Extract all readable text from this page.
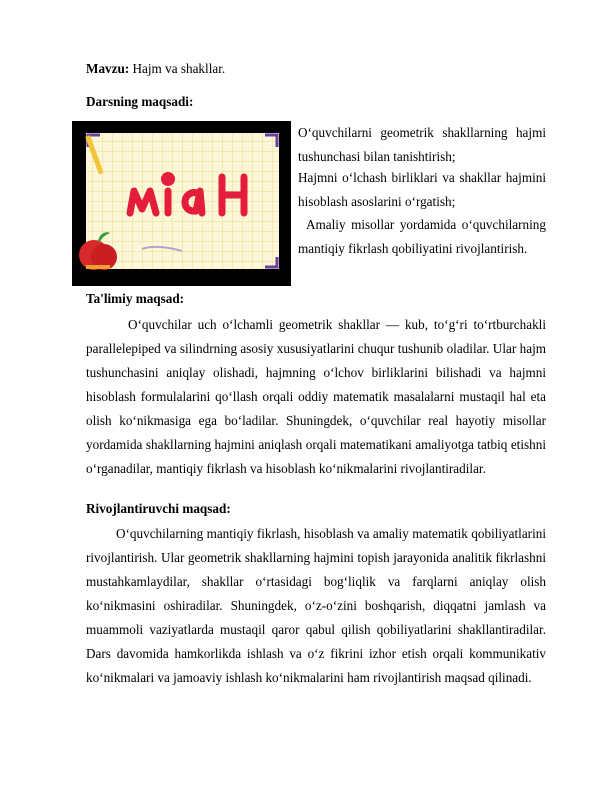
Mavzu: Hajm va shakllar.

Darsning maqsadi:

O‘quvchilarni geometrik shakllarning hajmi tushunchasi bilan tanishtirish;

Hajmni o‘lchash birliklari va shakllar hajmini hisoblash asoslarini o‘rgatish;

Amaliy misollar yordamida o‘quvchilarning mantiqiy fikrlash qobiliyatini rivojlantirish.

Ta'limiy maqsad:

O‘quvchilar uch o‘lchamli geometrik shakllar — kub, to‘g‘ri to‘rtburchakli parallelepiped va silindrning asosiy xususiyatlarini chuqur tushunib oladilar. Ular hajm tushunchasini aniqlay olishadi, hajmning o‘lchov birliklarini bilishadi va hajmni hisoblash formulalarini qo‘llash orqali oddiy matematik masalalarni mustaqil hal eta olish ko‘nikmasiga ega bo‘ladilar. Shuningdek, o‘quvchilar real hayotiy misollar yordamida shakllarning hajmini aniqlash orqali matematikani amaliyotga tatbiq etishni o‘rganadilar, mantiqiy fikrlash va hisoblash ko‘nikmalarini rivojlantiradilar.

Rivojlantiruvchi maqsad:

O‘quvchilarning mantiqiy fikrlash, hisoblash va amaliy matematik qobiliyatlarini rivojlantirish. Ular geometrik shakllarning hajmini topish jarayonida analitik fikrlashni mustahkamlaydilar, shakllar o‘rtasidagi bog‘liqlik va farqlarni aniqlay olish ko‘nikmasini oshiradilar. Shuningdek, o‘z-o‘zini boshqarish, diqqatni jamlash va muammoli vaziyatlarda mustaqil qaror qabul qilish qobiliyatlarini shakllantiradilar. Dars davomida hamkorlikda ishlash va o‘z fikrini izhor etish orqali kommunikativ ko‘nikmalari va jamoaviy ishlash ko‘nikmalarini ham rivojlantirish maqsad qilinadi.
